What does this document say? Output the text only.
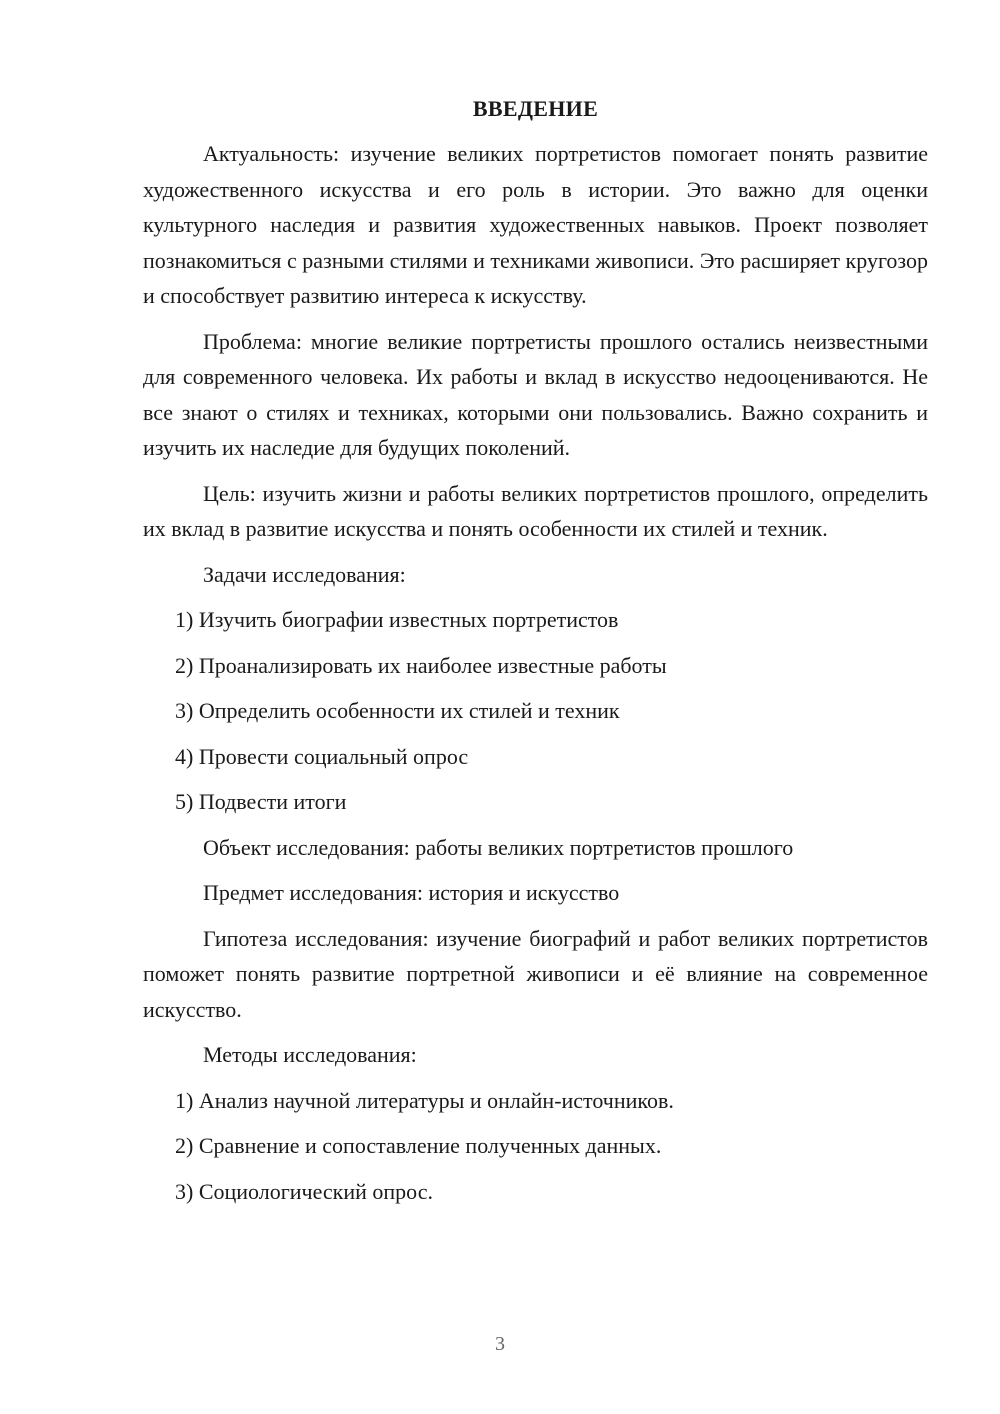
ВВЕДЕНИЕ

Актуальность: изучение великих портретистов помогает понять развитие художественного искусства и его роль в истории. Это важно для оценки культурного наследия и развития художественных навыков. Проект позволяет познакомиться с разными стилями и техниками живописи. Это расширяет кругозор и способствует развитию интереса к искусству.

Проблема: многие великие портретисты прошлого остались неизвестными для современного человека. Их работы и вклад в искусство недооцениваются. Не все знают о стилях и техниках, которыми они пользовались. Важно сохранить и изучить их наследие для будущих поколений.

Цель: изучить жизни и работы великих портретистов прошлого, определить их вклад в развитие искусства и понять особенности их стилей и техник.

Задачи исследования:

1) Изучить биографии известных портретистов

2) Проанализировать их наиболее известные работы

3) Определить особенности их стилей и техник

4) Провести социальный опрос

5) Подвести итоги

Объект исследования: работы великих портретистов прошлого

Предмет исследования: история и искусство

Гипотеза исследования: изучение биографий и работ великих портретистов поможет понять развитие портретной живописи и её влияние на современное искусство.

Методы исследования:

1) Анализ научной литературы и онлайн-источников.

2) Сравнение и сопоставление полученных данных.

3) Социологический опрос.

3
